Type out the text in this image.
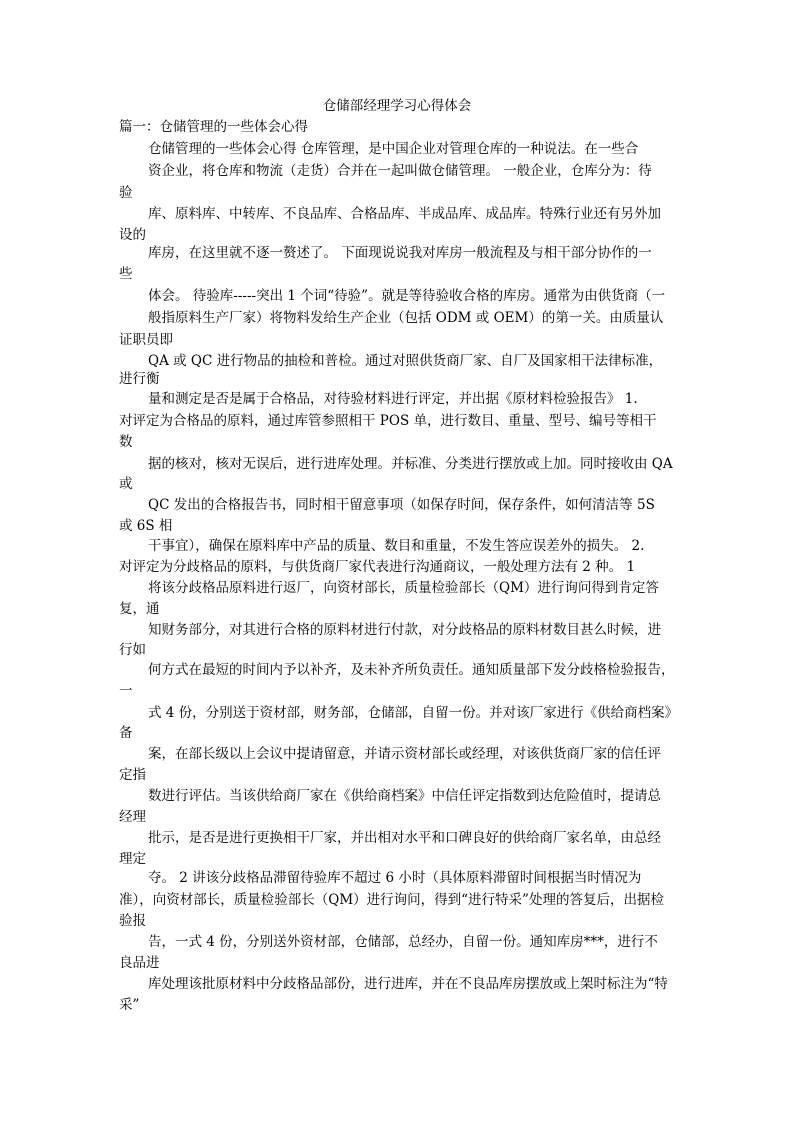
仓储部经理学习心得体会
篇一：仓储管理的一些体会心得
仓储管理的一些体会心得 仓库管理，是中国企业对管理仓库的一种说法。在一些合
资企业，将仓库和物流（走货）合并在一起叫做仓储管理。 一般企业，仓库分为：待
验
库、原料库、中转库、不良品库、合格品库、半成品库、成品库。特殊行业还有另外加
设的
库房，在这里就不逐一赘述了。 下面现说说我对库房一般流程及与相干部分协作的一
些
体会。 待验库-----突出 1 个词“待验”。就是等待验收合格的库房。通常为由供货商（一
般指原料生产厂家）将物料发给生产企业（包括 ODM 或 OEM）的第一关。由质量认
证职员即
QA 或 QC 进行物品的抽检和普检。通过对照供货商厂家、自厂及国家相干法律标准，
进行衡
量和测定是否是属于合格品，对待验材料进行评定，并出据《原材料检验报告》 1.
对评定为合格品的原料，通过库管参照相干 POS 单，进行数目、重量、型号、编号等相干
数
据的核对，核对无误后，进行进库处理。并标准、分类进行摆放或上加。同时接收由 QA
或
QC 发出的合格报告书，同时相干留意事项（如保存时间，保存条件，如何清洁等 5S
或 6S 相
干事宜），确保在原料库中产品的质量、数目和重量，不发生答应误差外的损失。 2.
对评定为分歧格品的原料，与供货商厂家代表进行沟通商议，一般处理方法有 2 种。 1
将该分歧格品原料进行返厂，向资材部长，质量检验部长（QM）进行询问得到肯定答
复，通
知财务部分，对其进行合格的原料材进行付款，对分歧格品的原料材数目甚么时候，进
行如
何方式在最短的时间内予以补齐，及未补齐所负责任。通知质量部下发分歧格检验报告，
一
式 4 份，分别送于资材部，财务部，仓储部，自留一份。并对该厂家进行《供给商档案》
备
案，在部长级以上会议中提请留意，并请示资材部长或经理，对该供货商厂家的信任评
定指
数进行评估。当该供给商厂家在《供给商档案》中信任评定指数到达危险值时，提请总
经理
批示，是否是进行更换相干厂家，并出相对水平和口碑良好的供给商厂家名单，由总经
理定
夺。 2 讲该分歧格品滞留待验库不超过 6 小时（具体原料滞留时间根据当时情况为
准），向资材部长，质量检验部长（QM）进行询问，得到“进行特采”处理的答复后，出据检
验报
告，一式 4 份，分别送外资材部，仓储部，总经办，自留一份。通知库房***，进行不
良品进
库处理该批原材料中分歧格品部份，进行进库，并在不良品库房摆放或上架时标注为“特
采”
